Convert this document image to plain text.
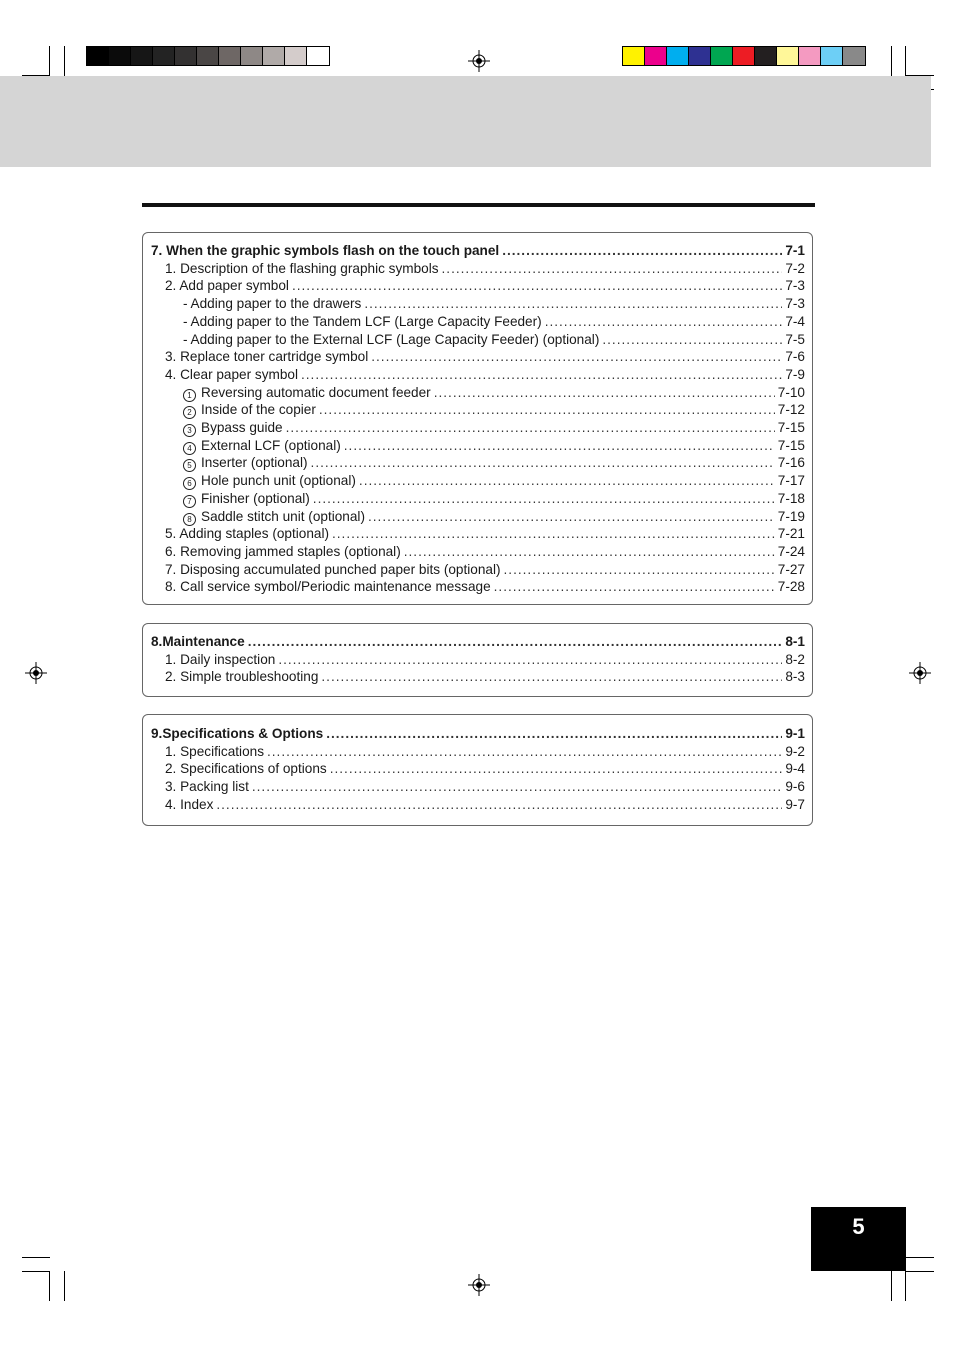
7. When the graphic symbols flash on the touch panel .....	7-1
1. Description of the flashing graphic symbols .....	7-2
2. Add paper symbol .....	7-3
- Adding paper to the drawers .....	7-3
- Adding paper to the Tandem LCF (Large Capacity Feeder) .....	7-4
- Adding paper to the External LCF (Lage Capacity Feeder) (optional) .....	7-5
3. Replace toner cartridge symbol .....	7-6
4. Clear paper symbol .....	7-9
1 Reversing automatic document feeder .....	7-10
2 Inside of the copier .....	7-12
3 Bypass guide .....	7-15
4 External LCF (optional) .....	7-15
5 Inserter (optional) .....	7-16
6 Hole punch unit (optional) .....	7-17
7 Finisher (optional) .....	7-18
8 Saddle stitch unit (optional) .....	7-19
5. Adding staples (optional) .....	7-21
6. Removing jammed staples (optional) .....	7-24
7. Disposing accumulated punched paper bits (optional) .....	7-27
8. Call service symbol/Periodic maintenance message .....	7-28
8.Maintenance .....	8-1
1. Daily inspection .....	8-2
2. Simple troubleshooting .....	8-3
9.Specifications & Options .....	9-1
1. Specifications .....	9-2
2. Specifications of options .....	9-4
3. Packing list .....	9-6
4. Index .....	9-7
5
